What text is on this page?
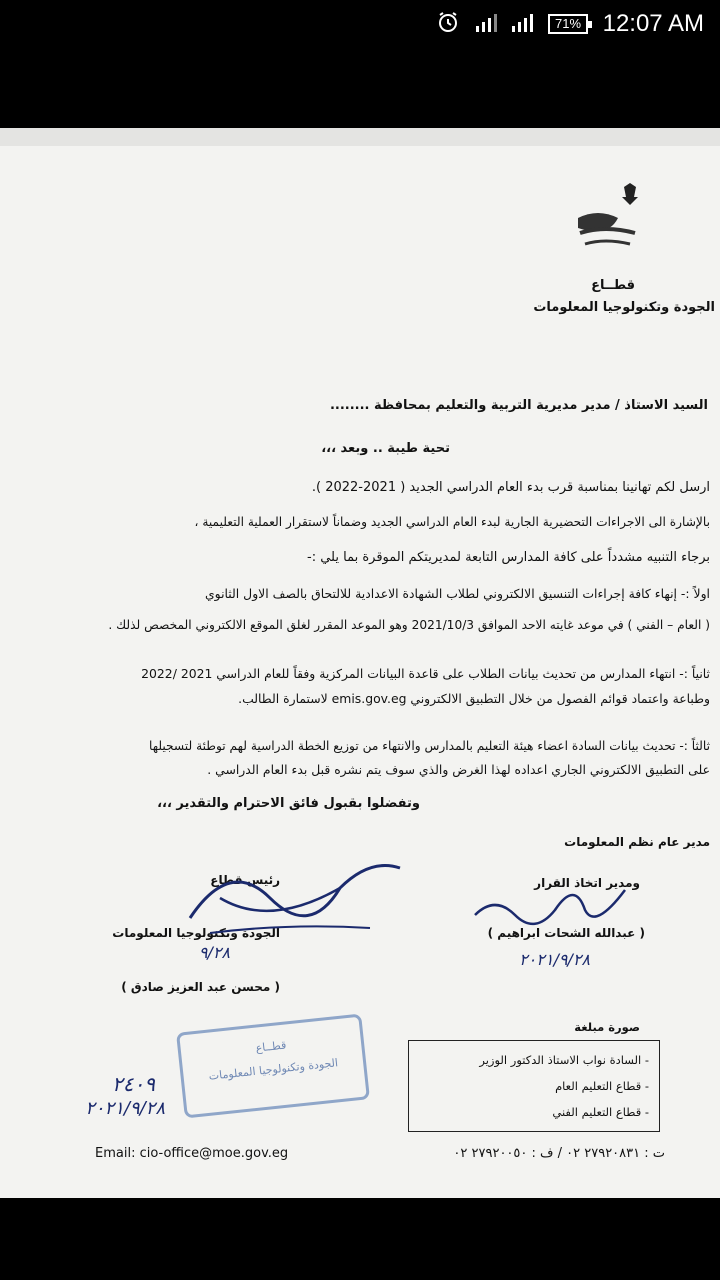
71% 12:07 AM
قطــاع
الجودة وتكنولوجيا المعلومات
السيد الاستاذ / مدير مديرية التربية والتعليم بمحافظة ........
تحية طيبة .. وبعد ،،،
ارسل لكم تهانينا بمناسبة قرب بدء العام الدراسي الجديد ( 2021-2022 ).
بالإشارة الى الاجراءات التحضيرية الجارية لبدء العام الدراسي الجديد وضماناً لاستقرار العملية التعليمية ،
برجاء التنبيه مشدداً على كافة المدارس التابعة لمديريتكم الموقرة بما يلي :-
اولاً :- إنهاء كافة إجراءات التنسيق الالكتروني لطلاب الشهادة الاعدادية للالتحاق بالصف الاول الثانوي
( العام – الفني ) في موعد غايته الاحد الموافق 2021/10/3 وهو الموعد المقرر لغلق الموقع الالكتروني المخصص لذلك .
ثانياً :- انتهاء المدارس من تحديث بيانات الطلاب على قاعدة البيانات المركزية وفقاً للعام الدراسي 2021 /2022
وطباعة واعتماد قوائم الفصول من خلال التطبيق الالكتروني emis.gov.eg لاستمارة الطالب.
ثالثاً :- تحديث بيانات السادة اعضاء هيئة التعليم بالمدارس والانتهاء من توزيع الخطة الدراسية لهم توطئة لتسجيلها
على التطبيق الالكتروني الجاري اعداده لهذا الغرض والذي سوف يتم نشره قبل بدء العام الدراسي .
وتفضلوا بقبول فائق الاحترام والتقدير ،،،
مدير عام نظم المعلومات
ومدير اتخاذ القرار
( عبدالله الشحات ابراهيم )
٢٠٢١/٩/٢٨
رئيس قطاع
الجودة وتكنولوجيا المعلومات
( محسن عبد العزيز صادق )
٩/٢٨
قطــاع
الجودة وتكنولوجيا المعلومات
صورة مبلغة
- السادة نواب الاستاذ الدكتور الوزير
- قطاع التعليم العام
- قطاع التعليم الفني
٢٤٠٩
٢٠٢١/٩/٢٨
Email: cio-office@moe.gov.eg	ت : ٢٧٩٢٠٨٣١ ٠٢ / ف : ٢٧٩٢٠٠٥٠ ٠٢
